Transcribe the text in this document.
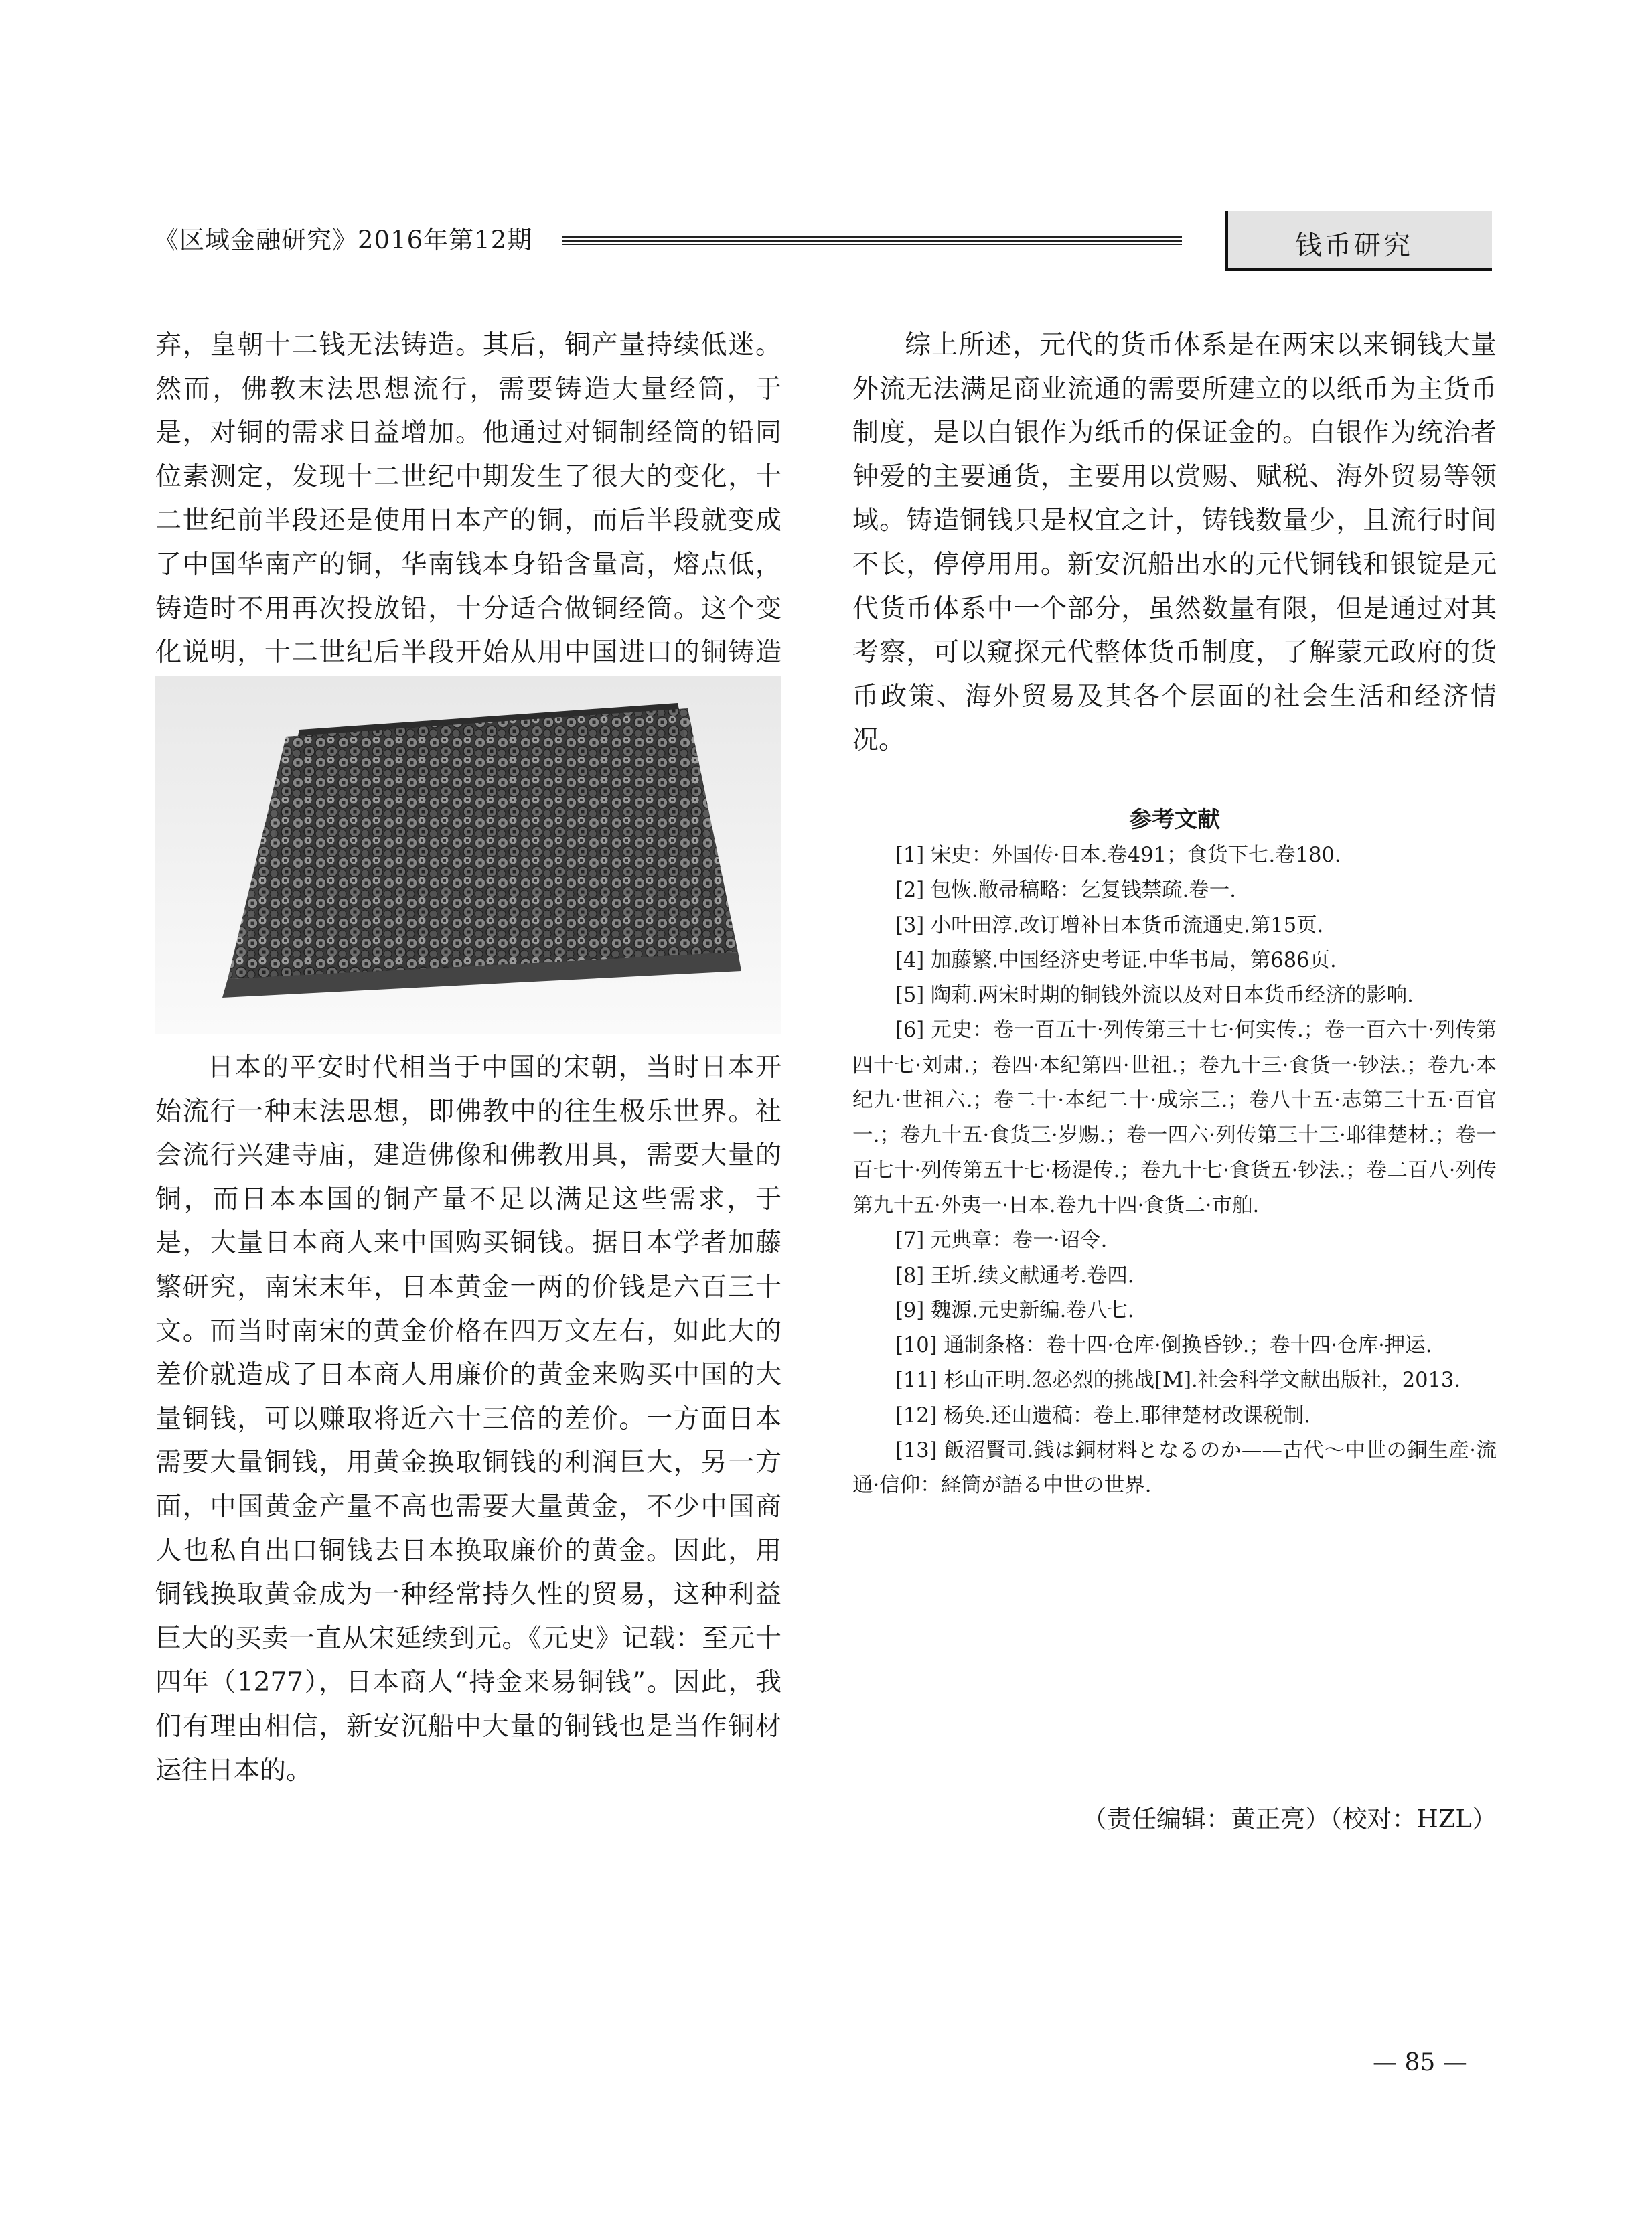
《区域金融研究》2016年第12期	钱币研究

弃，皇朝十二钱无法铸造。其后，铜产量持续低迷。然而，佛教末法思想流行，需要铸造大量经筒，于是，对铜的需求日益增加。他通过对铜制经筒的铅同位素测定，发现十二世纪中期发生了很大的变化，十二世纪前半段还是使用日本产的铜，而后半段就变成了中国华南产的铜，华南钱本身铅含量高，熔点低，铸造时不用再次投放铅，十分适合做铜经筒。这个变化说明，十二世纪后半段开始从用中国进口的铜铸造

日本的平安时代相当于中国的宋朝，当时日本开始流行一种末法思想，即佛教中的往生极乐世界。社会流行兴建寺庙，建造佛像和佛教用具，需要大量的铜，而日本本国的铜产量不足以满足这些需求，于是，大量日本商人来中国购买铜钱。据日本学者加藤繁研究，南宋末年，日本黄金一两的价钱是六百三十文。而当时南宋的黄金价格在四万文左右，如此大的差价就造成了日本商人用廉价的黄金来购买中国的大量铜钱，可以赚取将近六十三倍的差价。一方面日本需要大量铜钱，用黄金换取铜钱的利润巨大，另一方面，中国黄金产量不高也需要大量黄金，不少中国商人也私自出口铜钱去日本换取廉价的黄金。因此，用铜钱换取黄金成为一种经常持久性的贸易，这种利益巨大的买卖一直从宋延续到元。《元史》记载：至元十四年（1277），日本商人“持金来易铜钱”。因此，我们有理由相信，新安沉船中大量的铜钱也是当作铜材运往日本的。

综上所述，元代的货币体系是在两宋以来铜钱大量外流无法满足商业流通的需要所建立的以纸币为主货币制度，是以白银作为纸币的保证金的。白银作为统治者钟爱的主要通货，主要用以赏赐、赋税、海外贸易等领域。铸造铜钱只是权宜之计，铸钱数量少，且流行时间不长，停停用用。新安沉船出水的元代铜钱和银锭是元代货币体系中一个部分，虽然数量有限，但是通过对其考察，可以窥探元代整体货币制度，了解蒙元政府的货币政策、海外贸易及其各个层面的社会生活和经济情况。

参考文献
[1] 宋史：外国传·日本.卷491；食货下七.卷180.
[2] 包恢.敝帚稿略：乞复钱禁疏.卷一.
[3] 小叶田淳.改订增补日本货币流通史.第15页.
[4] 加藤繁.中国经济史考证.中华书局，第686页.
[5] 陶莉.两宋时期的铜钱外流以及对日本货币经济的影响.
[6] 元史：卷一百五十·列传第三十七·何实传.；卷一百六十·列传第四十七·刘肃.；卷四·本纪第四·世祖.；卷九十三·食货一·钞法.；卷九·本纪九·世祖六.；卷二十·本纪二十·成宗三.；卷八十五·志第三十五·百官一.；卷九十五·食货三·岁赐.；卷一四六·列传第三十三·耶律楚材.；卷一百七十·列传第五十七·杨湜传.；卷九十七·食货五·钞法.；卷二百八·列传第九十五·外夷一·日本.卷九十四·食货二·市舶.
[7] 元典章：卷一·诏令.
[8] 王圻.续文献通考.卷四.
[9] 魏源.元史新编.卷八七.
[10] 通制条格：卷十四·仓库·倒换昏钞.；卷十四·仓库·押运.
[11] 杉山正明.忽必烈的挑战[M].社会科学文献出版社，2013.
[12] 杨奂.还山遗稿：卷上.耶律楚材改课税制.
[13] 飯沼賢司.銭は銅材料となるのか——古代～中世の銅生産·流通·信仰：経筒が語る中世の世界.
（责任编辑：黄正亮）（校对：HZL）
— 85 —
